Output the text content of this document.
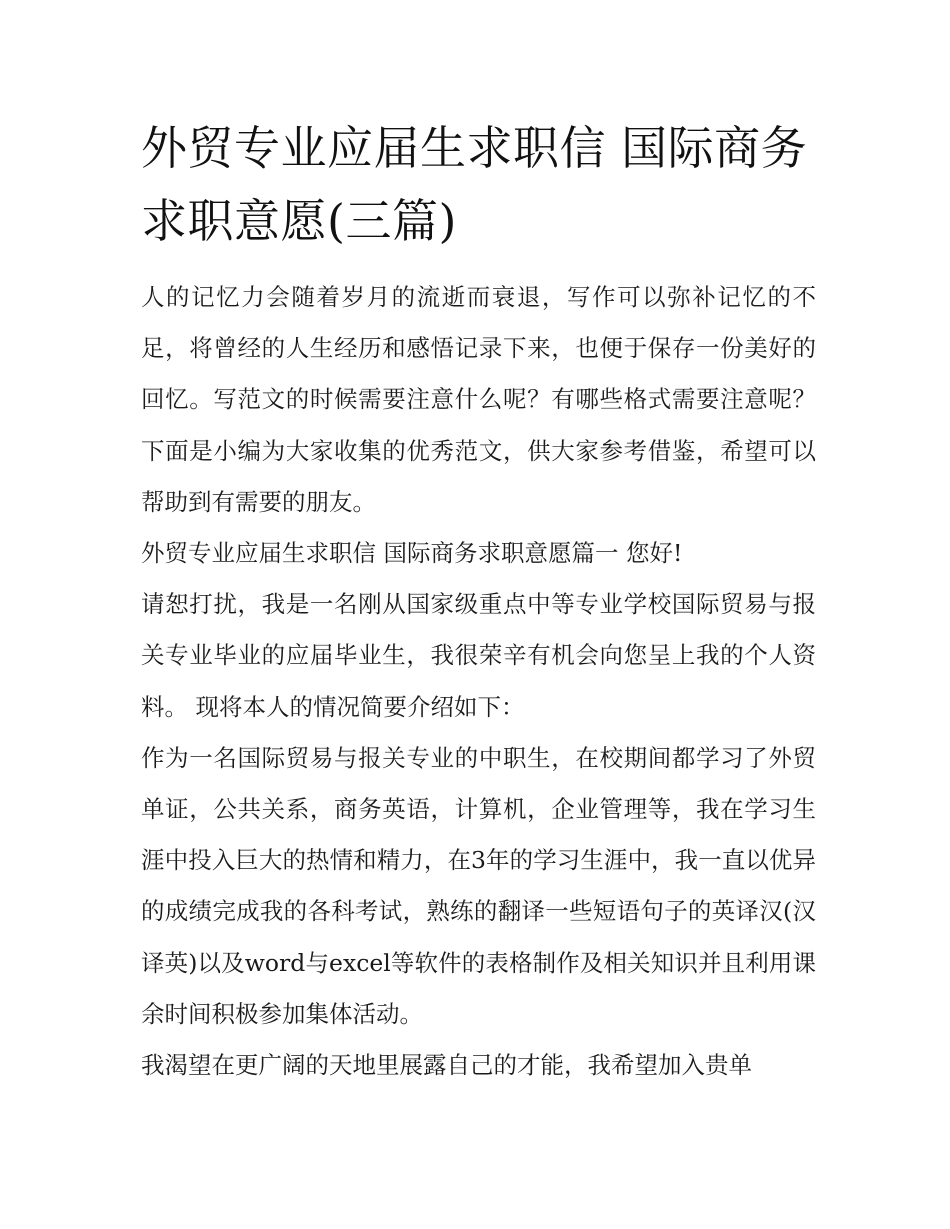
外贸专业应届生求职信 国际商务求职意愿(三篇)

人的记忆力会随着岁月的流逝而衰退，写作可以弥补记忆的不足，将曾经的人生经历和感悟记录下来，也便于保存一份美好的回忆。写范文的时候需要注意什么呢？有哪些格式需要注意呢？下面是小编为大家收集的优秀范文，供大家参考借鉴，希望可以帮助到有需要的朋友。

外贸专业应届生求职信 国际商务求职意愿篇一 您好!

请恕打扰，我是一名刚从国家级重点中等专业学校国际贸易与报关专业毕业的应届毕业生，我很荣辛有机会向您呈上我的个人资料。 现将本人的情况简要介绍如下：

作为一名国际贸易与报关专业的中职生，在校期间都学习了外贸单证，公共关系，商务英语，计算机，企业管理等，我在学习生涯中投入巨大的热情和精力，在3年的学习生涯中，我一直以优异的成绩完成我的各科考试，熟练的翻译一些短语句子的英译汉(汉译英)以及word与excel等软件的表格制作及相关知识并且利用课余时间积极参加集体活动。

我渴望在更广阔的天地里展露自己的才能，我希望加入贵单
